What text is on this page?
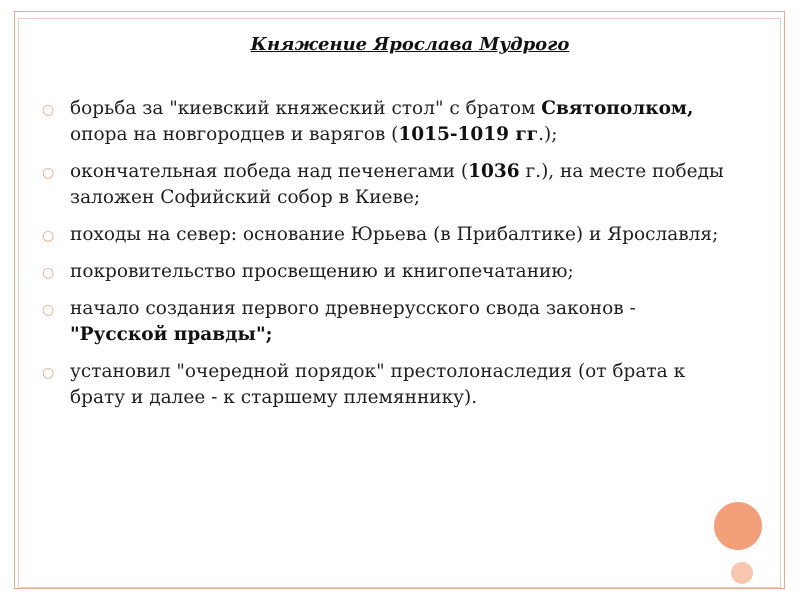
Княжение Ярослава Мудрого
○ борьба за "киевский княжеский стол" с братом Святополком, опора на новгородцев и варягов (1015-1019 гг.);
○ окончательная победа над печенегами (1036 г.), на месте победы заложен Софийский собор в Киеве;
○ походы на север: основание Юрьева (в Прибалтике) и Ярославля;
○ покровительство просвещению и книгопечатанию;
○ начало создания первого древнерусского свода законов - "Русской правды";
○ установил "очередной порядок" престолонаследия (от брата к брату и далее - к старшему племяннику).
